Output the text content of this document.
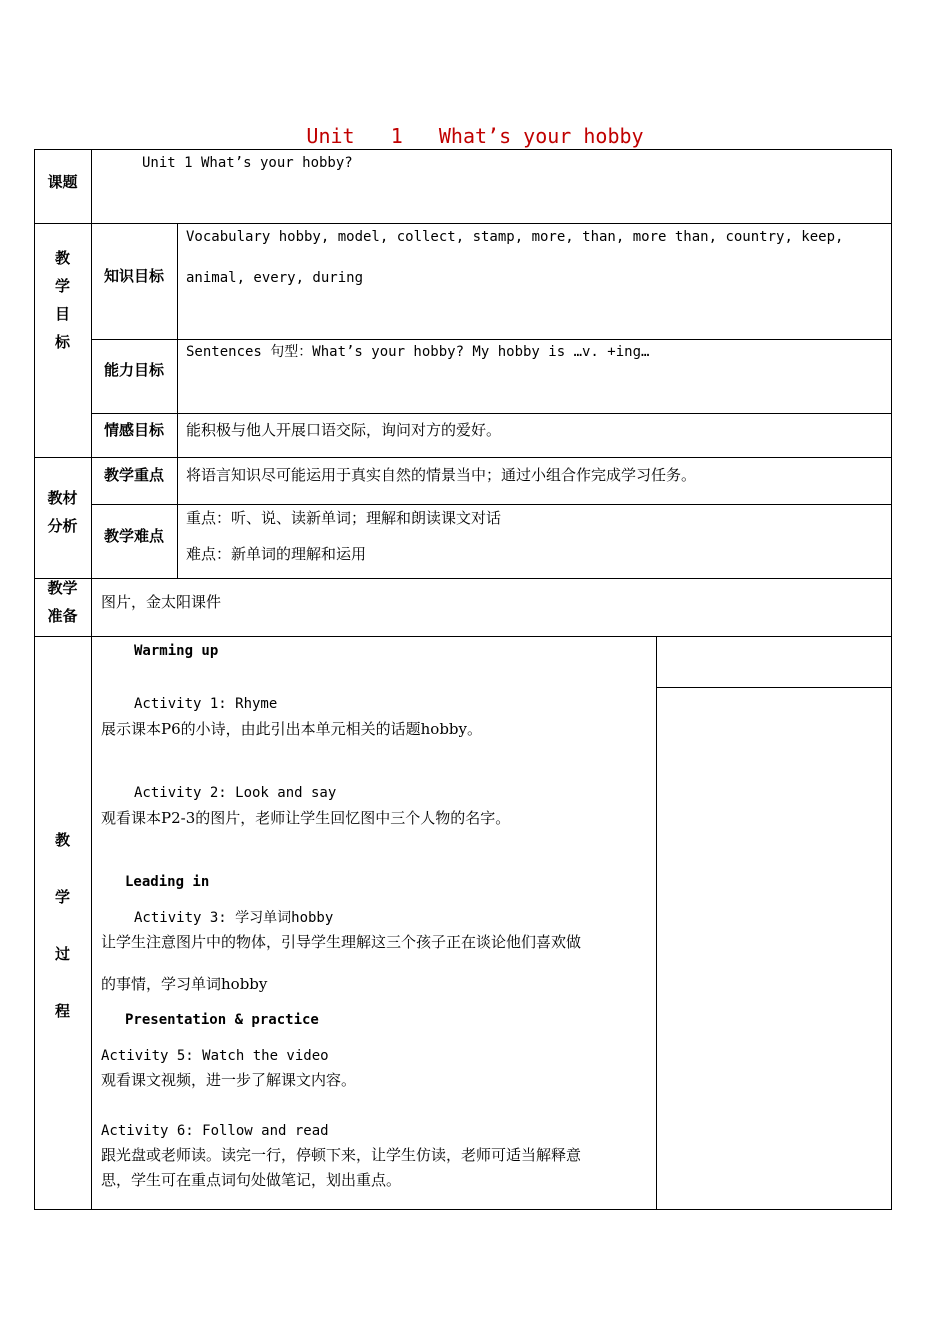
Unit   1   What’s your hobby
课题
Unit 1 What’s your hobby?
教
学
目
标
知识目标
Vocabulary hobby, model, collect, stamp, more, than, more than, country, keep,
animal, every, during
能力目标
Sentences 句型：What’s your hobby? My hobby is …v. +ing…
情感目标	能积极与他人开展口语交际，询问对方的爱好。
教材
分析
教学重点	将语言知识尽可能运用于真实自然的情景当中；通过小组合作完成学习任务。
教学难点
重点：听、说、读新单词；理解和朗读课文对话
难点：新单词的理解和运用
教学
准备
图片，金太阳课件
教
学
过
程
Warming up
Activity 1: Rhyme
展示课本P6的小诗，由此引出本单元相关的话题hobby。
Activity 2: Look and say
观看课本P2-3的图片，老师让学生回忆图中三个人物的名字。
Leading in
Activity 3: 学习单词hobby
让学生注意图片中的物体，引导学生理解这三个孩子正在谈论他们喜欢做
的事情，学习单词hobby
Presentation & practice
Activity 5: Watch the video
观看课文视频，进一步了解课文内容。
Activity 6: Follow and read
跟光盘或老师读。读完一行，停顿下来，让学生仿读，老师可适当解释意
思，学生可在重点词句处做笔记，划出重点。
